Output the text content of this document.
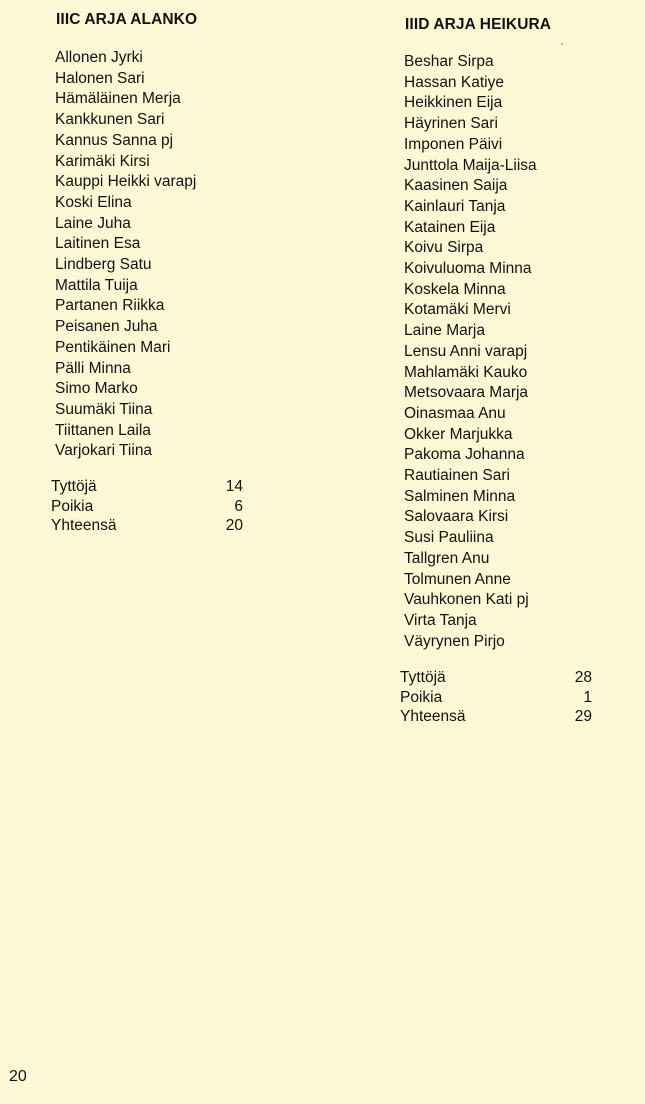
IIIC ARJA ALANKO
Allonen Jyrki
Halonen Sari
Hämäläinen Merja
Kankkunen Sari
Kannus Sanna pj
Karimäki Kirsi
Kauppi Heikki varapj
Koski Elina
Laine Juha
Laitinen Esa
Lindberg Satu
Mattila Tuija
Partanen Riikka
Peisanen Juha
Pentikäinen Mari
Pälli Minna
Simo Marko
Suumäki Tiina
Tiittanen Laila
Varjokari Tiina
Tyttöjä	14
Poikia	6
Yhteensä	20
IIID ARJA HEIKURA
Beshar Sirpa
Hassan Katiye
Heikkinen Eija
Häyrinen Sari
Imponen Päivi
Junttola Maija-Liisa
Kaasinen Saija
Kainlauri Tanja
Katainen Eija
Koivu Sirpa
Koivuluoma Minna
Koskela Minna
Kotamäki Mervi
Laine Marja
Lensu Anni varapj
Mahlamäki Kauko
Metsovaara Marja
Oinasmaa Anu
Okker Marjukka
Pakoma Johanna
Rautiainen Sari
Salminen Minna
Salovaara Kirsi
Susi Pauliina
Tallgren Anu
Tolmunen Anne
Vauhkonen Kati pj
Virta Tanja
Väyrynen Pirjo
Tyttöjä	28
Poikia	1
Yhteensä	29
20
